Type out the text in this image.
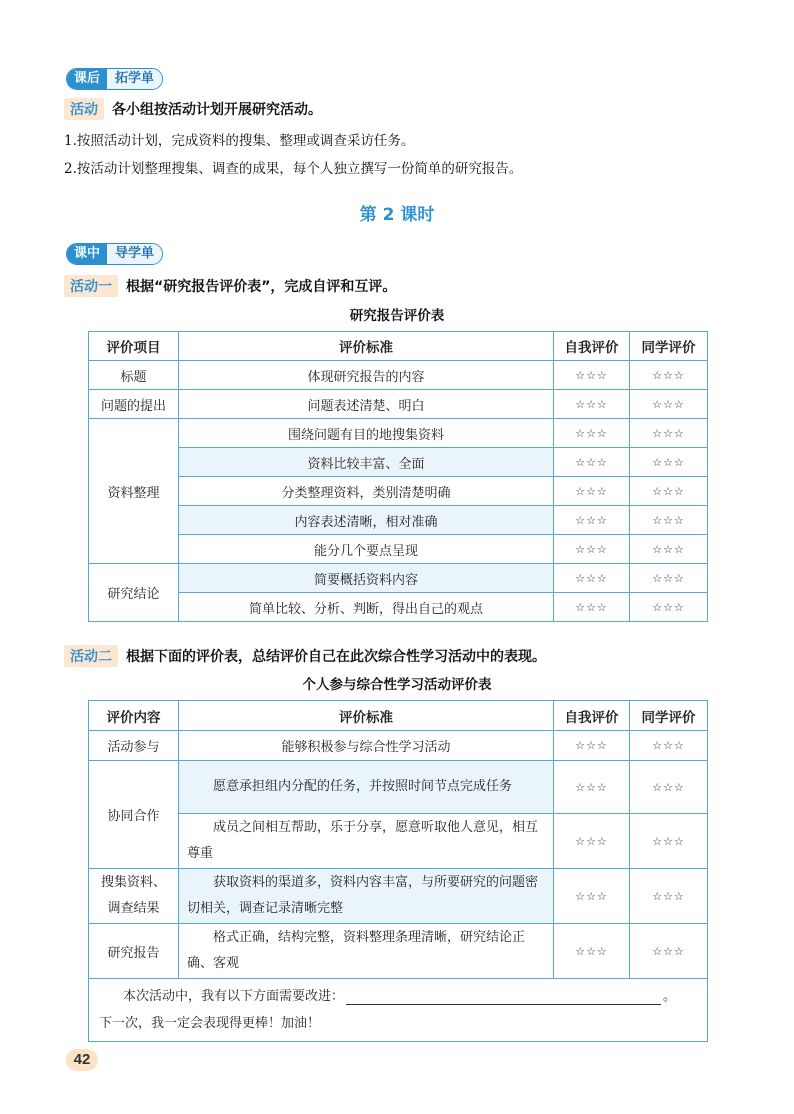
课后	拓学单
活动	各小组按活动计划开展研究活动。
1.按照活动计划，完成资料的搜集、整理或调查采访任务。
2.按活动计划整理搜集、调查的成果，每个人独立撰写一份简单的研究报告。
第 2 课时
课中	导学单
活动一	根据“研究报告评价表”，完成自评和互评。
研究报告评价表
评价项目	评价标准	自我评价	同学评价
标题	体现研究报告的内容	☆☆☆	☆☆☆
问题的提出	问题表述清楚、明白	☆☆☆	☆☆☆
资料整理	围绕问题有目的地搜集资料	☆☆☆	☆☆☆
	资料比较丰富、全面	☆☆☆	☆☆☆
	分类整理资料，类别清楚明确	☆☆☆	☆☆☆
	内容表述清晰，相对准确	☆☆☆	☆☆☆
	能分几个要点呈现	☆☆☆	☆☆☆
研究结论	简要概括资料内容	☆☆☆	☆☆☆
	简单比较、分析、判断，得出自己的观点	☆☆☆	☆☆☆
活动二	根据下面的评价表，总结评价自己在此次综合性学习活动中的表现。
个人参与综合性学习活动评价表
评价内容	评价标准	自我评价	同学评价
活动参与	能够积极参与综合性学习活动	☆☆☆	☆☆☆
协同合作	愿意承担组内分配的任务，并按照时间节点完成任务	☆☆☆	☆☆☆
	成员之间相互帮助，乐于分享，愿意听取他人意见，相互尊重	☆☆☆	☆☆☆
搜集资料、调查结果	获取资料的渠道多，资料内容丰富，与所要研究的问题密切相关，调查记录清晰完整	☆☆☆	☆☆☆
研究报告	格式正确，结构完整，资料整理条理清晰，研究结论正确、客观	☆☆☆	☆☆☆

本次活动中，我有以下方面需要改进： 。
下一次，我一定会表现得更棒！加油！			
42
